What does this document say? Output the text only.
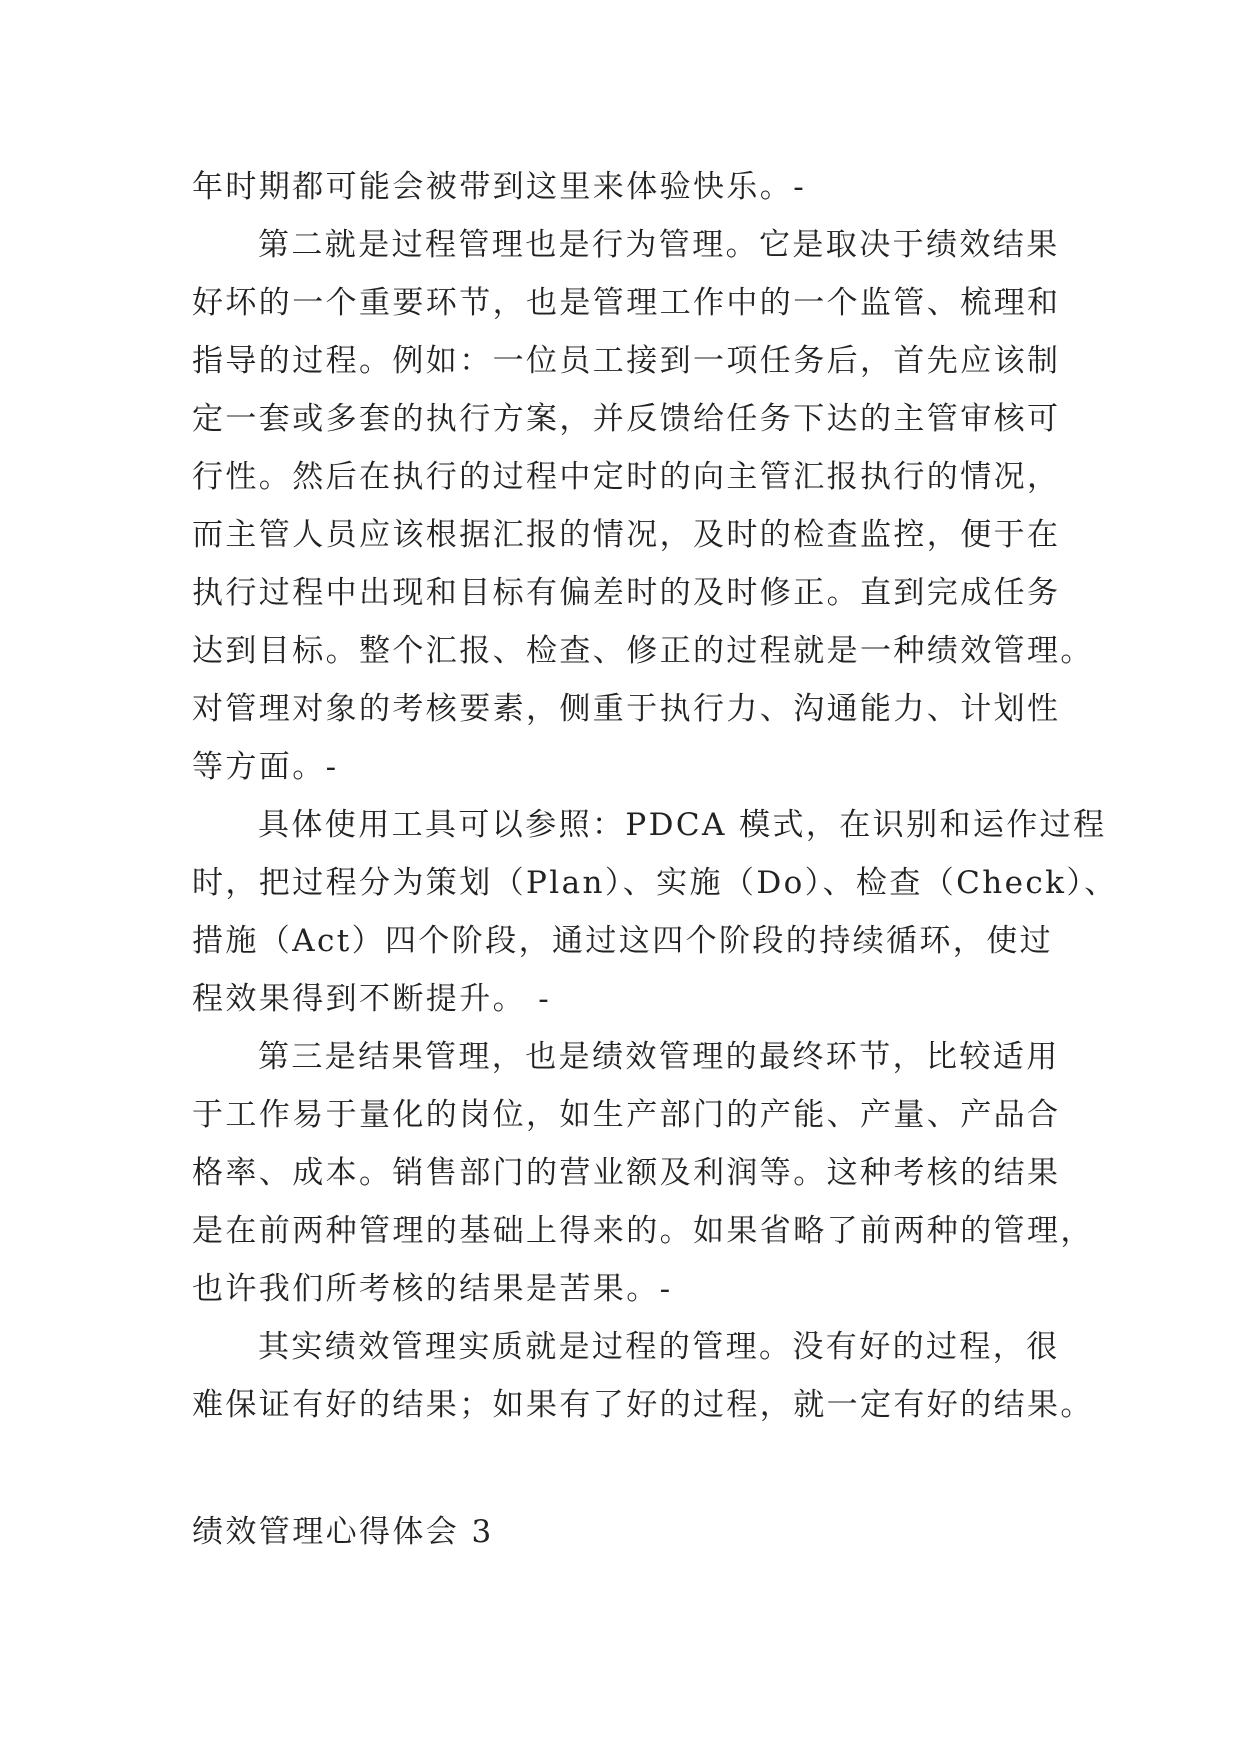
年时期都可能会被带到这里来体验快乐。-
第二就是过程管理也是行为管理。它是取决于绩效结果
好坏的一个重要环节，也是管理工作中的一个监管、梳理和
指导的过程。例如：一位员工接到一项任务后，首先应该制
定一套或多套的执行方案，并反馈给任务下达的主管审核可
行性。然后在执行的过程中定时的向主管汇报执行的情况，
而主管人员应该根据汇报的情况，及时的检查监控，便于在
执行过程中出现和目标有偏差时的及时修正。直到完成任务
达到目标。整个汇报、检查、修正的过程就是一种绩效管理。
对管理对象的考核要素，侧重于执行力、沟通能力、计划性
等方面。-
具体使用工具可以参照：PDCA 模式，在识别和运作过程
时，把过程分为策划（Plan）、实施（Do）、检查（Check）、
措施（Act）四个阶段，通过这四个阶段的持续循环，使过
程效果得到不断提升。 -
第三是结果管理，也是绩效管理的最终环节，比较适用
于工作易于量化的岗位，如生产部门的产能、产量、产品合
格率、成本。销售部门的营业额及利润等。这种考核的结果
是在前两种管理的基础上得来的。如果省略了前两种的管理，
也许我们所考核的结果是苦果。-
其实绩效管理实质就是过程的管理。没有好的过程，很
难保证有好的结果；如果有了好的过程，就一定有好的结果。
绩效管理心得体会 3
